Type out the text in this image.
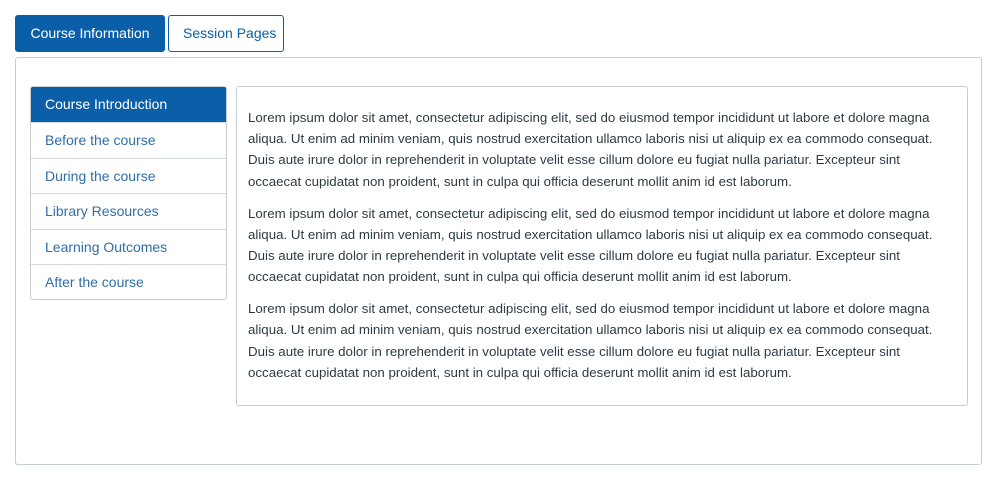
Course Information	Session Pages
Course Introduction
Before the course
During the course
Library Resources
Learning Outcomes
After the course

Lorem ipsum dolor sit amet, consectetur adipiscing elit, sed do eiusmod tempor incididunt ut labore et dolore magna aliqua. Ut enim ad minim veniam, quis nostrud exercitation ullamco laboris nisi ut aliquip ex ea commodo consequat. Duis aute irure dolor in reprehenderit in voluptate velit esse cillum dolore eu fugiat nulla pariatur. Excepteur sint occaecat cupidatat non proident, sunt in culpa qui officia deserunt mollit anim id est laborum.

Lorem ipsum dolor sit amet, consectetur adipiscing elit, sed do eiusmod tempor incididunt ut labore et dolore magna aliqua. Ut enim ad minim veniam, quis nostrud exercitation ullamco laboris nisi ut aliquip ex ea commodo consequat. Duis aute irure dolor in reprehenderit in voluptate velit esse cillum dolore eu fugiat nulla pariatur. Excepteur sint occaecat cupidatat non proident, sunt in culpa qui officia deserunt mollit anim id est laborum.

Lorem ipsum dolor sit amet, consectetur adipiscing elit, sed do eiusmod tempor incididunt ut labore et dolore magna aliqua. Ut enim ad minim veniam, quis nostrud exercitation ullamco laboris nisi ut aliquip ex ea commodo consequat. Duis aute irure dolor in reprehenderit in voluptate velit esse cillum dolore eu fugiat nulla pariatur. Excepteur sint occaecat cupidatat non proident, sunt in culpa qui officia deserunt mollit anim id est laborum.
